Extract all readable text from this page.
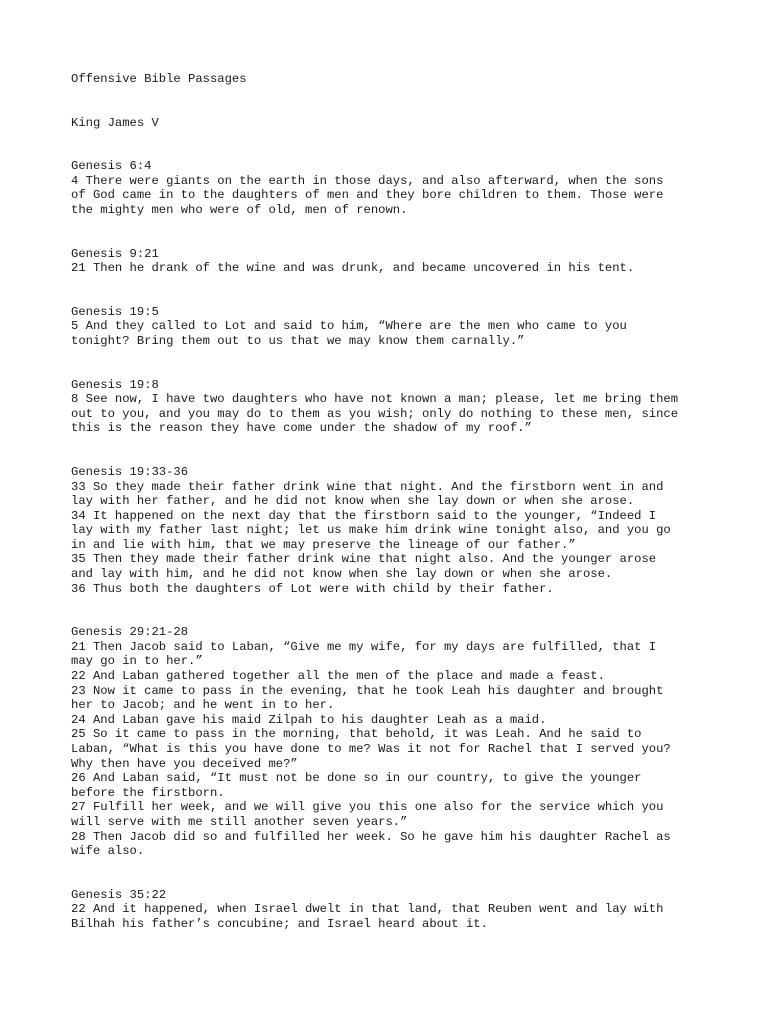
Offensive Bible Passages
King James V
Genesis 6:4
4 There were giants on the earth in those days, and also afterward, when the sons
of God came in to the daughters of men and they bore children to them. Those were
the mighty men who were of old, men of renown.
Genesis 9:21
21 Then he drank of the wine and was drunk, and became uncovered in his tent.
Genesis 19:5
5 And they called to Lot and said to him, “Where are the men who came to you
tonight? Bring them out to us that we may know them carnally.”
Genesis 19:8
8 See now, I have two daughters who have not known a man; please, let me bring them
out to you, and you may do to them as you wish; only do nothing to these men, since
this is the reason they have come under the shadow of my roof.”
Genesis 19:33-36
33 So they made their father drink wine that night. And the firstborn went in and
lay with her father, and he did not know when she lay down or when she arose.
34 It happened on the next day that the firstborn said to the younger, “Indeed I
lay with my father last night; let us make him drink wine tonight also, and you go
in and lie with him, that we may preserve the lineage of our father.”
35 Then they made their father drink wine that night also. And the younger arose
and lay with him, and he did not know when she lay down or when she arose.
36 Thus both the daughters of Lot were with child by their father.
Genesis 29:21-28
21 Then Jacob said to Laban, “Give me my wife, for my days are fulfilled, that I
may go in to her.”
22 And Laban gathered together all the men of the place and made a feast.
23 Now it came to pass in the evening, that he took Leah his daughter and brought
her to Jacob; and he went in to her.
24 And Laban gave his maid Zilpah to his daughter Leah as a maid.
25 So it came to pass in the morning, that behold, it was Leah. And he said to
Laban, “What is this you have done to me? Was it not for Rachel that I served you?
Why then have you deceived me?”
26 And Laban said, “It must not be done so in our country, to give the younger
before the firstborn.
27 Fulfill her week, and we will give you this one also for the service which you
will serve with me still another seven years.”
28 Then Jacob did so and fulfilled her week. So he gave him his daughter Rachel as
wife also.
Genesis 35:22
22 And it happened, when Israel dwelt in that land, that Reuben went and lay with
Bilhah his father’s concubine; and Israel heard about it.
